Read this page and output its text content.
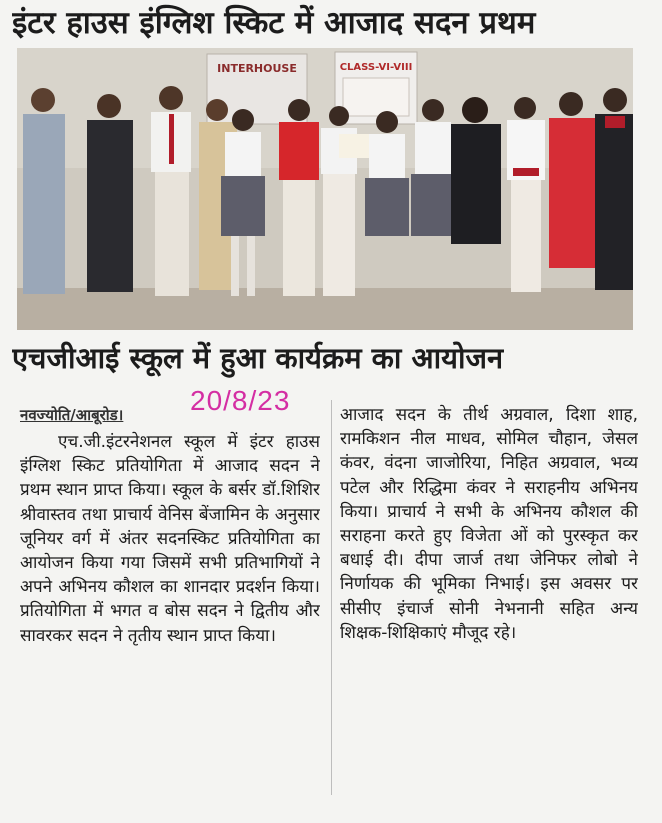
इंटर हाउस इंग्लिश स्किट में आजाद सदन प्रथम
INTERHOUSE	CLASS-VI-VIII
एचजीआई स्कूल में हुआ कार्यक्रम का आयोजन
20/8/23
नवज्योति/आबूरोड।

एच.जी.इंटरनेशनल स्कूल में इंटर हाउस इंग्लिश स्किट प्रतियोगिता में आजाद सदन ने प्रथम स्थान प्राप्त किया। स्कूल के बर्सर डॉ.शिशिर श्रीवास्तव तथा प्राचार्य वेनिस बेंजामिन के अनुसार जूनियर वर्ग में अंतर सदनस्किट प्रतियोगिता का आयोजन किया गया जिसमें सभी प्रतिभागियों ने अपने अभिनय कौशल का शानदार प्रदर्शन किया। प्रतियोगिता में भगत व बोस सदन ने द्वितीय और सावरकर सदन ने तृतीय स्थान प्राप्त किया।

आजाद सदन के तीर्थ अग्रवाल, दिशा शाह, रामकिशन नील माधव, सोमिल चौहान, जेसल कंवर, वंदना जाजोरिया, निहित अग्रवाल, भव्य पटेल और रिद्धिमा कंवर ने सराहनीय अभिनय किया। प्राचार्य ने सभी के अभिनय कौशल की सराहना करते हुए विजेता ओं को पुरस्कृत कर बधाई दी। दीपा जार्ज तथा जेनिफर लोबो ने निर्णायक की भूमिका निभाई। इस अवसर पर सीसीए इंचार्ज सोनी नेभनानी सहित अन्य शिक्षक-शिक्षिकाएं मौजूद रहे।
